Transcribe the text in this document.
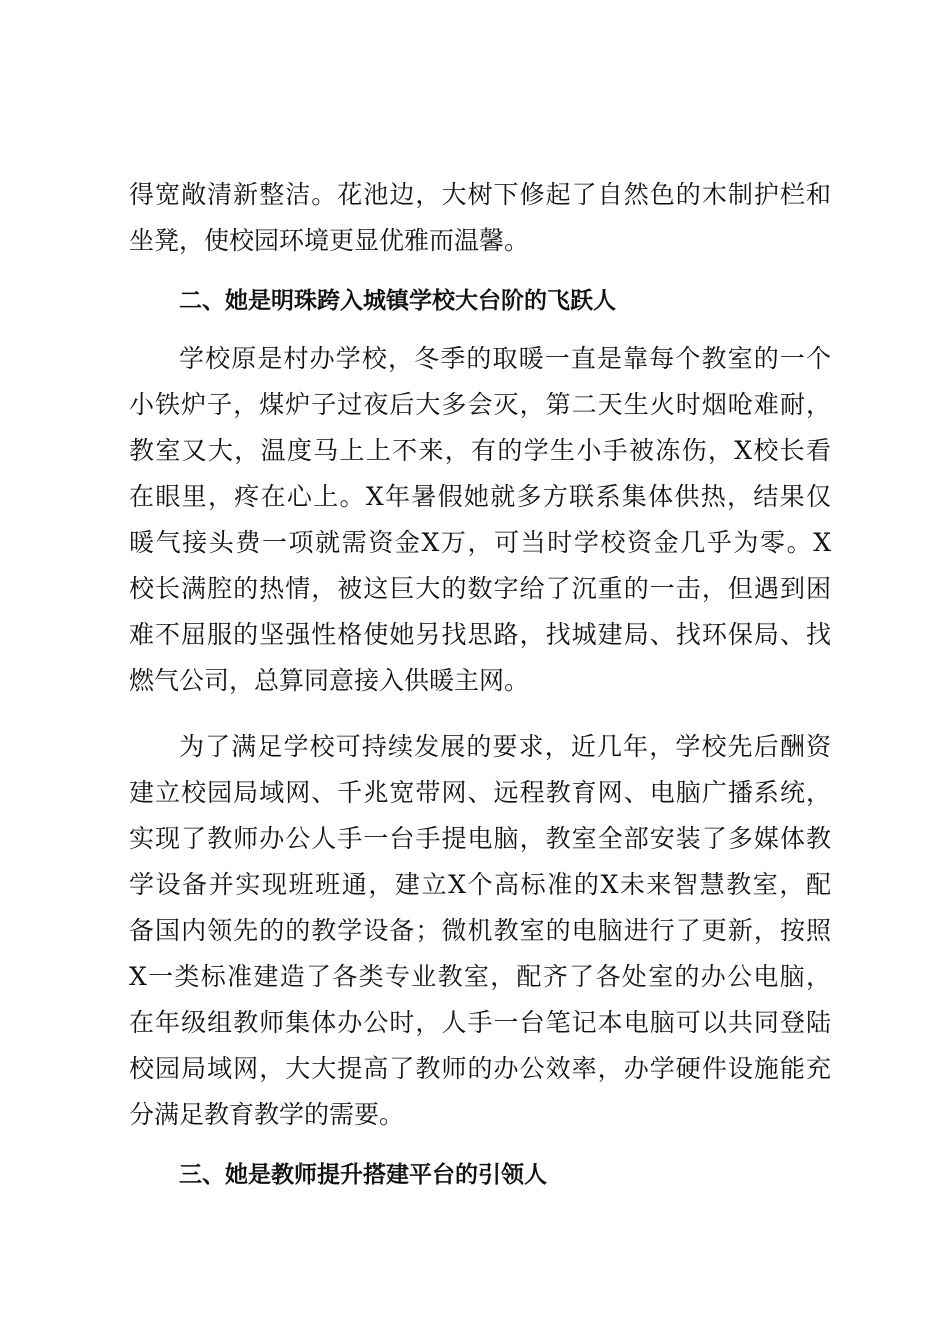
得宽敞清新整洁。花池边，大树下修起了自然色的木制护栏和
坐凳，使校园环境更显优雅而温馨。
二、她是明珠跨入城镇学校大台阶的飞跃人
学校原是村办学校，冬季的取暖一直是靠每个教室的一个
小铁炉子，煤炉子过夜后大多会灭，第二天生火时烟呛难耐，
教室又大，温度马上上不来，有的学生小手被冻伤，X校长看
在眼里，疼在心上。X年暑假她就多方联系集体供热，结果仅
暖气接头费一项就需资金X万，可当时学校资金几乎为零。X
校长满腔的热情，被这巨大的数字给了沉重的一击，但遇到困
难不屈服的坚强性格使她另找思路，找城建局、找环保局、找
燃气公司，总算同意接入供暖主网。
为了满足学校可持续发展的要求，近几年，学校先后酬资
建立校园局域网、千兆宽带网、远程教育网、电脑广播系统，
实现了教师办公人手一台手提电脑，教室全部安装了多媒体教
学设备并实现班班通，建立X个高标准的X未来智慧教室，配
备国内领先的的教学设备；微机教室的电脑进行了更新，按照
X一类标准建造了各类专业教室，配齐了各处室的办公电脑，
在年级组教师集体办公时，人手一台笔记本电脑可以共同登陆
校园局域网，大大提高了教师的办公效率，办学硬件设施能充
分满足教育教学的需要。
三、她是教师提升搭建平台的引领人
